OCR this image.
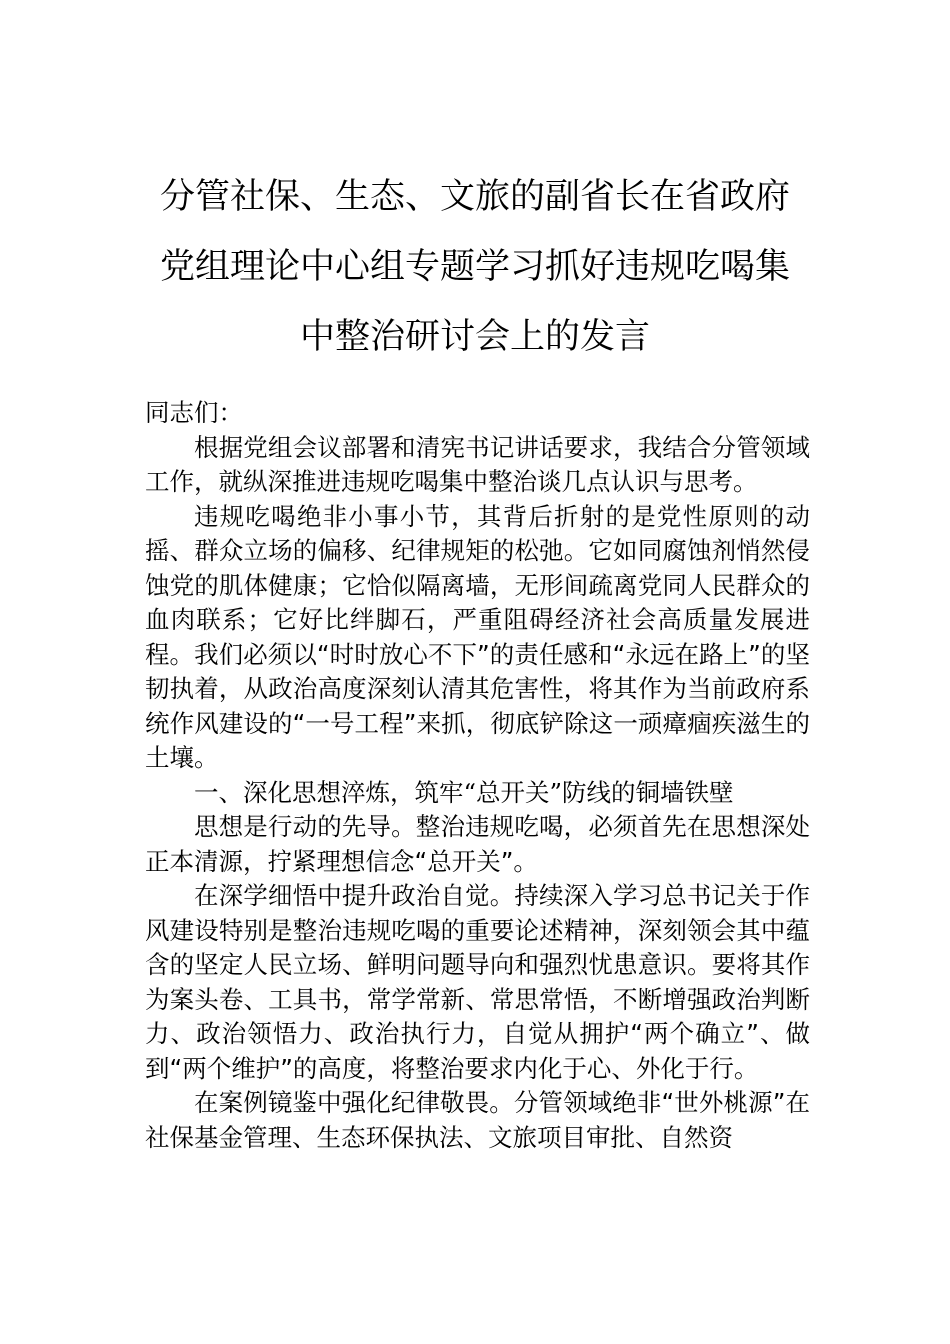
分管社保、生态、文旅的副省长在省政府
党组理论中心组专题学习抓好违规吃喝集
中整治研讨会上的发言

同志们：

根据党组会议部署和清宪书记讲话要求，我结合分管领域工作，就纵深推进违规吃喝集中整治谈几点认识与思考。

违规吃喝绝非小事小节，其背后折射的是党性原则的动摇、群众立场的偏移、纪律规矩的松弛。它如同腐蚀剂悄然侵蚀党的肌体健康；它恰似隔离墙，无形间疏离党同人民群众的血肉联系；它好比绊脚石，严重阻碍经济社会高质量发展进程。我们必须以“时时放心不下”的责任感和“永远在路上”的坚韧执着，从政治高度深刻认清其危害性，将其作为当前政府系统作风建设的“一号工程”来抓，彻底铲除这一顽瘴痼疾滋生的土壤。

一、深化思想淬炼，筑牢“总开关”防线的铜墙铁壁

思想是行动的先导。整治违规吃喝，必须首先在思想深处正本清源，拧紧理想信念“总开关”。

在深学细悟中提升政治自觉。持续深入学习总书记关于作风建设特别是整治违规吃喝的重要论述精神，深刻领会其中蕴含的坚定人民立场、鲜明问题导向和强烈忧患意识。要将其作为案头卷、工具书，常学常新、常思常悟，不断增强政治判断力、政治领悟力、政治执行力，自觉从拥护“两个确立”、做到“两个维护”的高度，将整治要求内化于心、外化于行。

在案例镜鉴中强化纪律敬畏。分管领域绝非“世外桃源”在社保基金管理、生态环保执法、文旅项目审批、自然资
